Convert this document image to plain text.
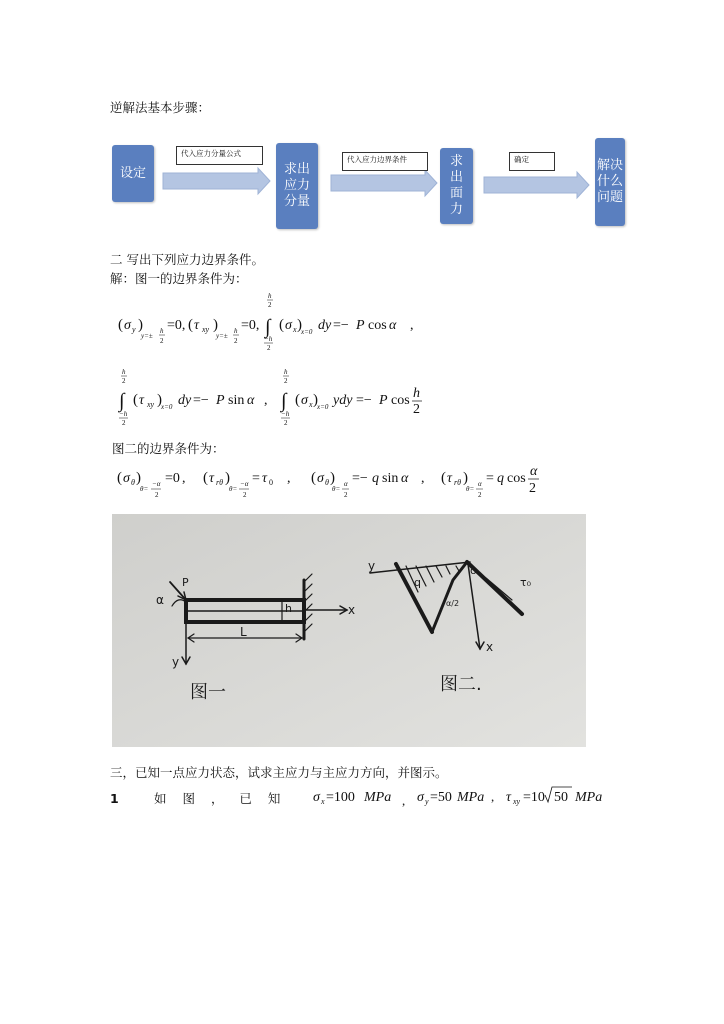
逆解法基本步骤：
设定
代入应力分量公式
求出应力分量
代入应力边界条件	求出面力
确定	解决什么问题
二 写出下列应力边界条件。
解：图一的边界条件为：
( σ y )
y=±
h
2
=0, ( τ xy )
y=±
h
2
=0,
h
2
∫
−h
2
( σ x ) x=0 dy =− P cos α ,
h
2
∫
−h
2
( τ xy ) x=0 dy =− P sin α ,
h
2
∫
−h
2
( σ x ) x=0 ydy =− P cos h
2
图二的边界条件为：
( σ θ )
θ=
−α
2
=0 , ( τ rθ )
θ=
−α
2
= τ 0 , ( σ θ )
θ=
α
2
=− q sin α , ( τ rθ )
θ=
α
2
= q cos α
2
P
α
h
L
x
y
q
o
τ₀
α/2
y
x
图一	图二.
三，已知一点应力状态，试求主应力与主应力方向，并图示。
1	如 图 ， 已 知 σ x =100 MPa , σ y =50 MPa , τ xy =10 50 MPa
